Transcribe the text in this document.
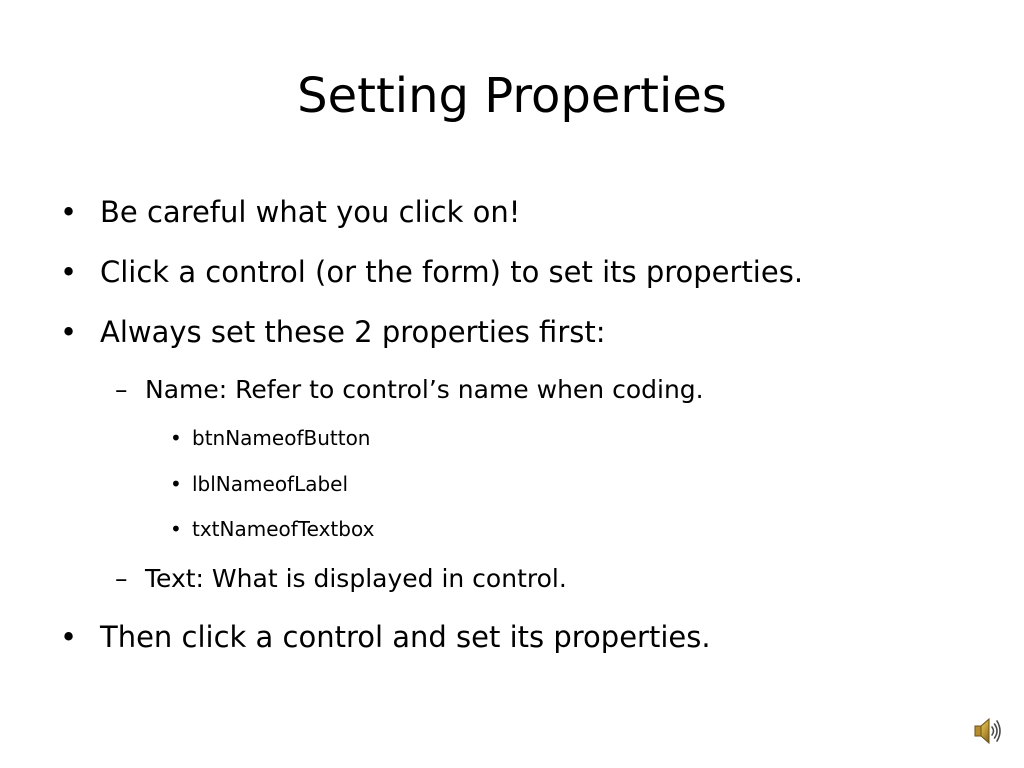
Setting Properties
• Be careful what you click on!
• Click a control (or the form) to set its properties.
• Always set these 2 properties first:
– Name: Refer to control’s name when coding.
• btnNameofButton
• lblNameofLabel
• txtNameofTextbox
– Text: What is displayed in control.
• Then click a control and set its properties.
